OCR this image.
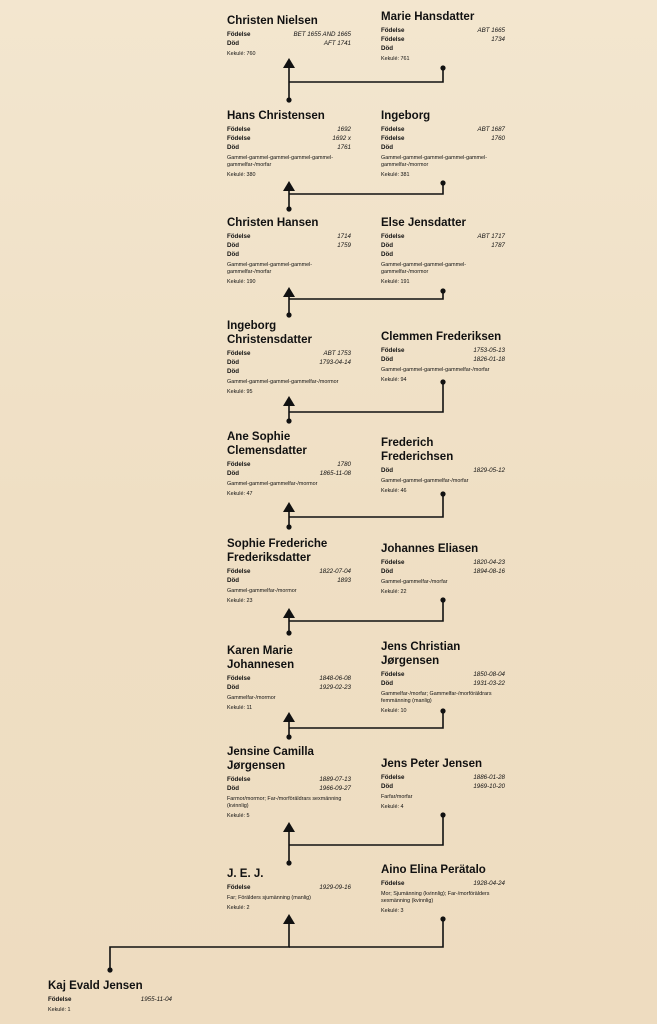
Christen Nielsen
Födelse	BET 1655 AND 1665
Död	AFT 1741
Kekulé: 760
Marie Hansdatter
Födelse	ABT 1665
Födelse	1734
Död
Kekulé: 761
Hans Christensen
Födelse	1692
Födelse	1692 x
Död	1761
Gammel-gammel-gammel-gammel-gammel-gammelfar-/morfar
Kekulé: 380
Ingeborg
Födelse	ABT 1687
Födelse	1760
Död
Gammel-gammel-gammel-gammel-gammel-gammelfar-/mormor
Kekulé: 381
Christen Hansen
Födelse	1714
Död	1759
Död
Gammel-gammel-gammel-gammel-gammelfar-/morfar
Kekulé: 190
Else Jensdatter
Födelse	ABT 1717
Död	1787
Död
Gammel-gammel-gammel-gammel-gammelfar-/mormor
Kekulé: 191
Ingeborg Christensdatter
Födelse	ABT 1753
Död	1793-04-14
Död
Gammel-gammel-gammel-gammelfar-/mormor
Kekulé: 95
Clemmen Frederiksen
Födelse	1753-05-13
Död	1826-01-18
Gammel-gammel-gammel-gammelfar-/morfar
Kekulé: 94
Ane Sophie Clemensdatter
Födelse	1780
Död	1865-11-08
Gammel-gammel-gammelfar-/mormor
Kekulé: 47
Frederich Frederichsen
Död	1829-05-12
Gammel-gammel-gammelfar-/morfar
Kekulé: 46
Sophie Frederiche Frederiksdatter
Födelse	1822-07-04
Död	1893
Gammel-gammelfar-/mormor
Kekulé: 23
Johannes Eliasen
Födelse	1820-04-23
Död	1894-08-16
Gammel-gammelfar-/morfar
Kekulé: 22
Karen Marie Johannesen
Födelse	1848-06-08
Död	1929-02-23
Gammelfar-/mormor
Kekulé: 11
Jens Christian Jørgensen
Födelse	1850-08-04
Död	1931-03-22
Gammelfar-/morfar; Gammelfar-/morföräldrars femmänning (manlig)
Kekulé: 10
Jensine Camilla Jørgensen
Födelse	1889-07-13
Död	1966-09-27
Farmor/mormor; Far-/morföräldrars sexmänning (kvinnlig)
Kekulé: 5
Jens Peter Jensen
Födelse	1886-01-28
Död	1969-10-20
Farfar/morfar
Kekulé: 4
J. E. J.
Födelse	1929-09-16
Far; Förälders sjumänning (manlig)
Kekulé: 2
Aino Elina Perätalo
Födelse	1928-04-24
Mor; Sjumänning (kvinnlig); Far-/morförälders sexmänning (kvinnlig)
Kekulé: 3
Kaj Evald Jensen
Födelse	1955-11-04
Kekulé: 1
